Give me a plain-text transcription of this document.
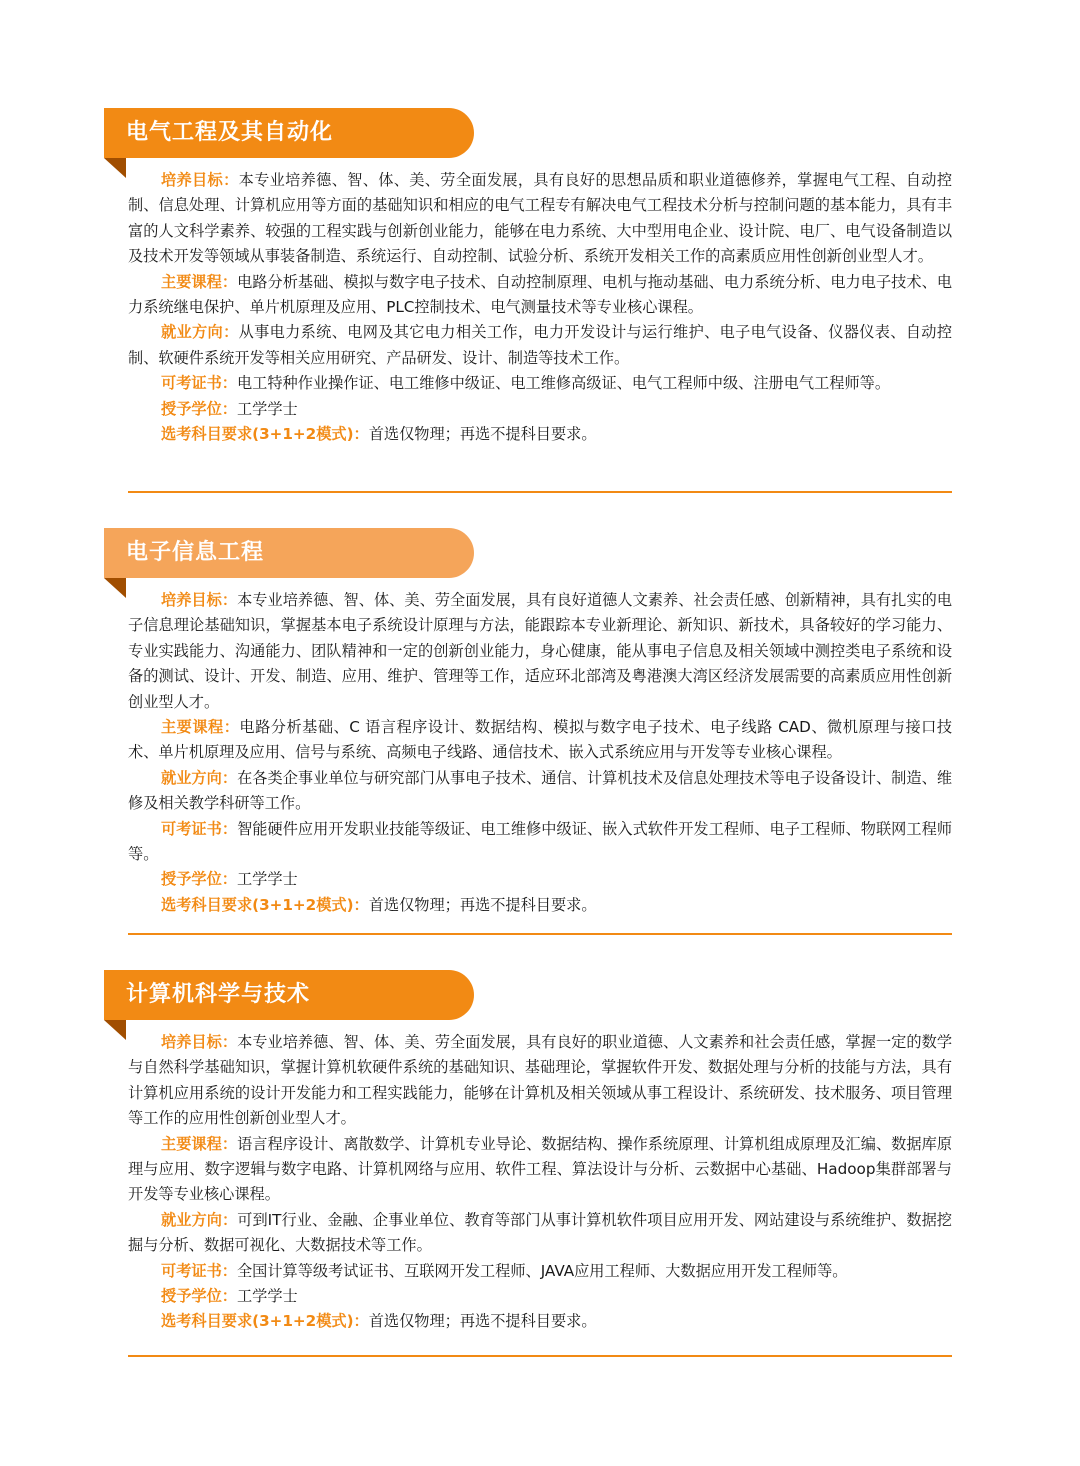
电气工程及其自动化

培养目标：本专业培养德、智、体、美、劳全面发展，具有良好的思想品质和职业道德修养，掌握电气工程、自动控制、信息处理、计算机应用等方面的基础知识和相应的电气工程专有解决电气工程技术分析与控制问题的基本能力，具有丰富的人文科学素养、较强的工程实践与创新创业能力，能够在电力系统、大中型用电企业、设计院、电厂、电气设备制造以及技术开发等领域从事装备制造、系统运行、自动控制、试验分析、系统开发相关工作的高素质应用性创新创业型人才。

主要课程：电路分析基础、模拟与数字电子技术、自动控制原理、电机与拖动基础、电力系统分析、电力电子技术、电力系统继电保护、单片机原理及应用、PLC控制技术、电气测量技术等专业核心课程。

就业方向：从事电力系统、电网及其它电力相关工作，电力开发设计与运行维护、电子电气设备、仪器仪表、自动控制、软硬件系统开发等相关应用研究、产品研发、设计、制造等技术工作。

可考证书：电工特种作业操作证、电工维修中级证、电工维修高级证、电气工程师中级、注册电气工程师等。

授予学位：工学学士

选考科目要求(3+1+2模式)：首选仅物理；再选不提科目要求。

电子信息工程

培养目标：本专业培养德、智、体、美、劳全面发展，具有良好道德人文素养、社会责任感、创新精神，具有扎实的电子信息理论基础知识，掌握基本电子系统设计原理与方法，能跟踪本专业新理论、新知识、新技术，具备较好的学习能力、专业实践能力、沟通能力、团队精神和一定的创新创业能力，身心健康，能从事电子信息及相关领域中测控类电子系统和设备的测试、设计、开发、制造、应用、维护、管理等工作，适应环北部湾及粤港澳大湾区经济发展需要的高素质应用性创新创业型人才。

主要课程：电路分析基础、C 语言程序设计、数据结构、模拟与数字电子技术、电子线路 CAD、微机原理与接口技术、单片机原理及应用、信号与系统、高频电子线路、通信技术、嵌入式系统应用与开发等专业核心课程。

就业方向：在各类企事业单位与研究部门从事电子技术、通信、计算机技术及信息处理技术等电子设备设计、制造、维修及相关教学科研等工作。

可考证书：智能硬件应用开发职业技能等级证、电工维修中级证、嵌入式软件开发工程师、电子工程师、物联网工程师等。

授予学位：工学学士

选考科目要求(3+1+2模式)：首选仅物理；再选不提科目要求。

计算机科学与技术

培养目标：本专业培养德、智、体、美、劳全面发展，具有良好的职业道德、人文素养和社会责任感，掌握一定的数学与自然科学基础知识，掌握计算机软硬件系统的基础知识、基础理论，掌握软件开发、数据处理与分析的技能与方法，具有计算机应用系统的设计开发能力和工程实践能力，能够在计算机及相关领域从事工程设计、系统研发、技术服务、项目管理等工作的应用性创新创业型人才。

主要课程：语言程序设计、离散数学、计算机专业导论、数据结构、操作系统原理、计算机组成原理及汇编、数据库原理与应用、数字逻辑与数字电路、计算机网络与应用、软件工程、算法设计与分析、云数据中心基础、Hadoop集群部署与开发等专业核心课程。

就业方向：可到IT行业、金融、企事业单位、教育等部门从事计算机软件项目应用开发、网站建设与系统维护、数据挖掘与分析、数据可视化、大数据技术等工作。

可考证书：全国计算等级考试证书、互联网开发工程师、JAVA应用工程师、大数据应用开发工程师等。

授予学位：工学学士

选考科目要求(3+1+2模式)：首选仅物理；再选不提科目要求。
